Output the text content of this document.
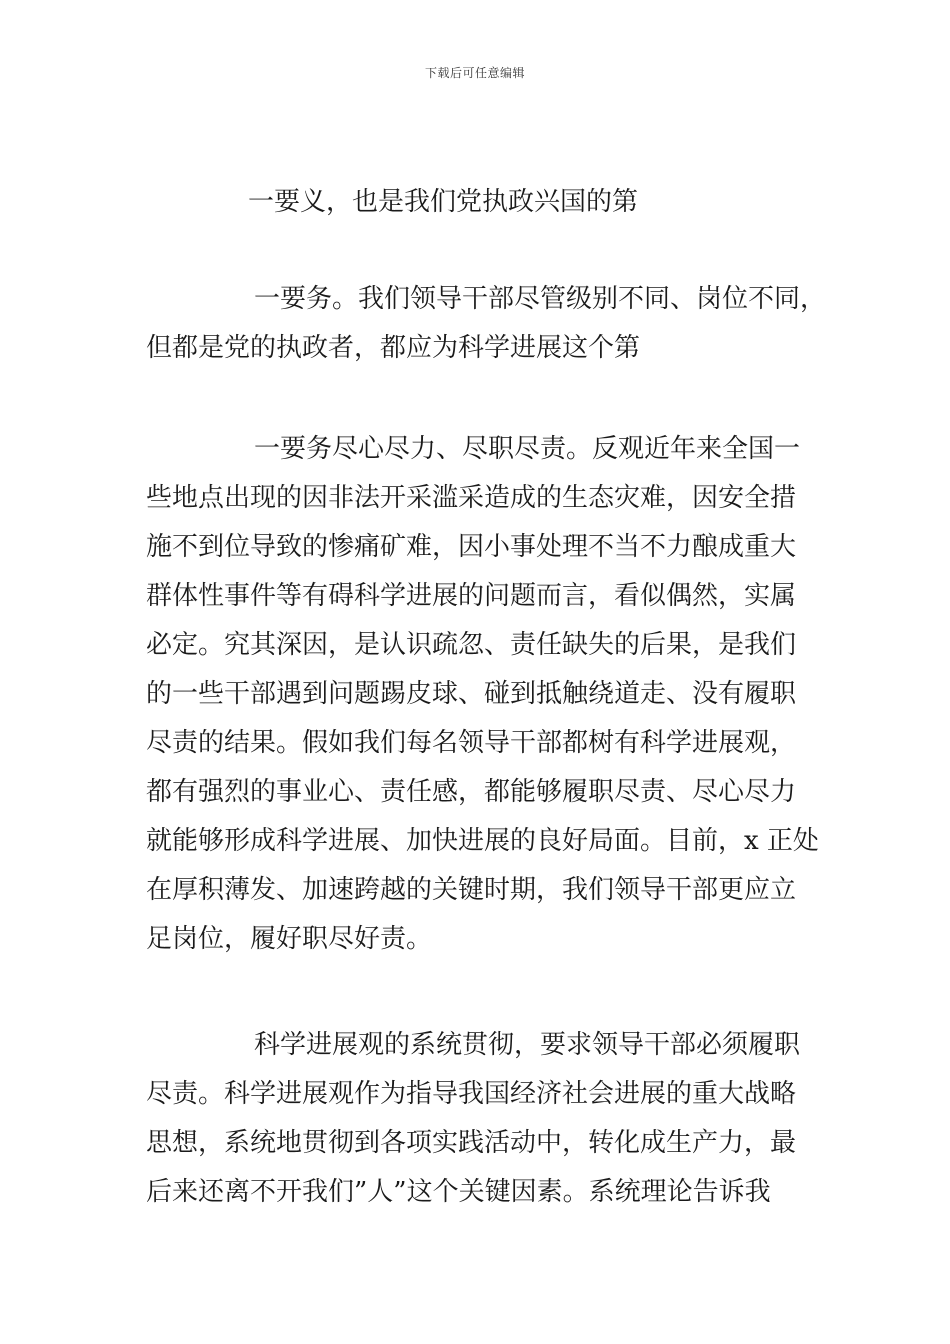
下载后可任意编辑

一要义，也是我们党执政兴国的第

一要务。我们领导干部尽管级别不同、岗位不同，
但都是党的执政者，都应为科学进展这个第

一要务尽心尽力、尽职尽责。反观近年来全国一
些地点出现的因非法开采滥采造成的生态灾难，因安全措
施不到位导致的惨痛矿难，因小事处理不当不力酿成重大
群体性事件等有碍科学进展的问题而言，看似偶然，实属
必定。究其深因，是认识疏忽、责任缺失的后果，是我们
的一些干部遇到问题踢皮球、碰到抵触绕道走、没有履职
尽责的结果。假如我们每名领导干部都树有科学进展观，
都有强烈的事业心、责任感，都能够履职尽责、尽心尽力
就能够形成科学进展、加快进展的良好局面。目前，x 正处
在厚积薄发、加速跨越的关键时期，我们领导干部更应立
足岗位，履好职尽好责。

科学进展观的系统贯彻，要求领导干部必须履职
尽责。科学进展观作为指导我国经济社会进展的重大战略
思想，系统地贯彻到各项实践活动中，转化成生产力，最
后来还离不开我们”人”这个关键因素。系统理论告诉我
